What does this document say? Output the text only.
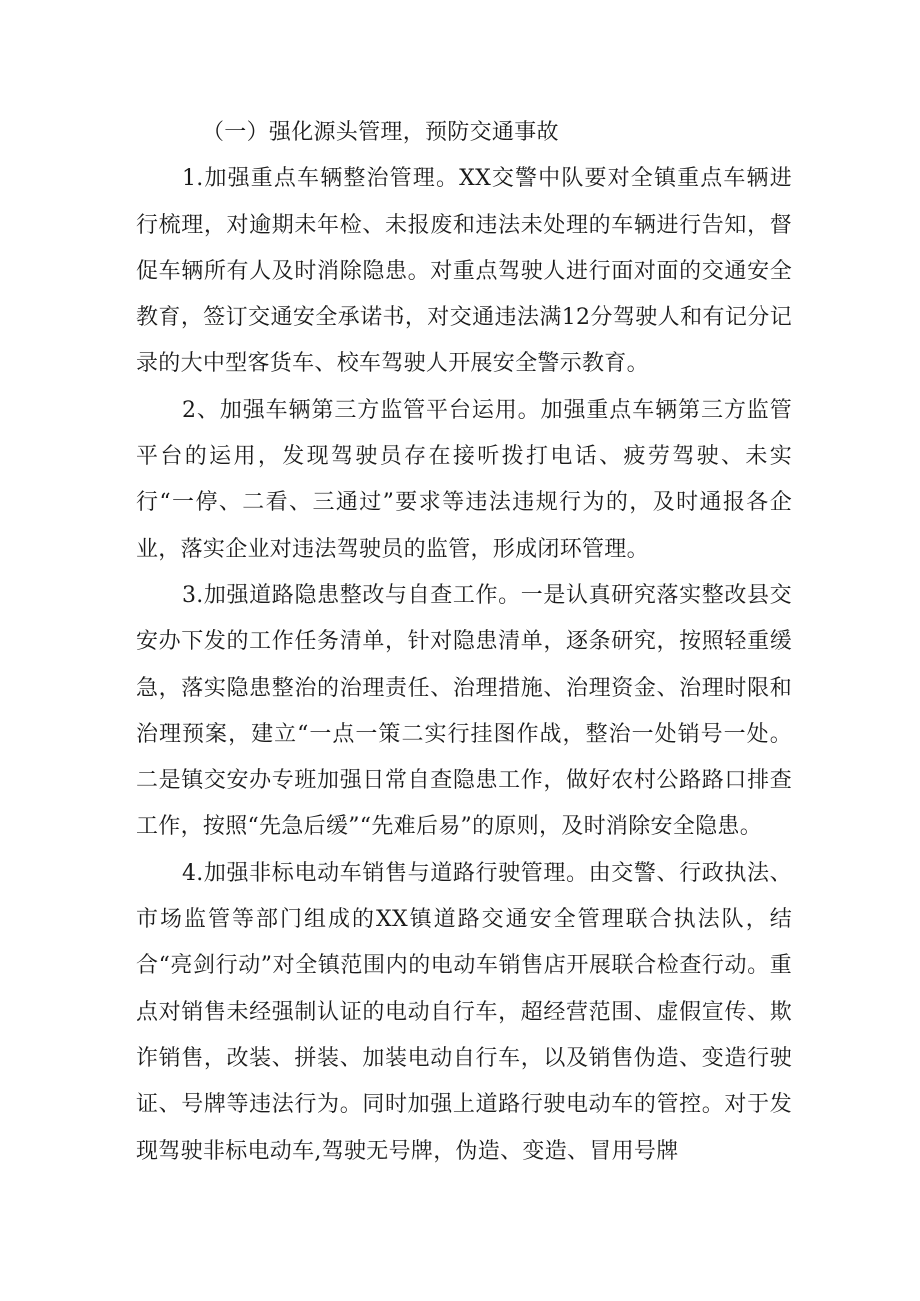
（一）强化源头管理，预防交通事故

1.加强重点车辆整治管理。XX交警中队要对全镇重点车辆进行梳理，对逾期未年检、未报废和违法未处理的车辆进行告知，督促车辆所有人及时消除隐患。对重点驾驶人进行面对面的交通安全教育，签订交通安全承诺书，对交通违法满12分驾驶人和有记分记录的大中型客货车、校车驾驶人开展安全警示教育。

2、加强车辆第三方监管平台运用。加强重点车辆第三方监管平台的运用，发现驾驶员存在接听拨打电话、疲劳驾驶、未实行“一停、二看、三通过”要求等违法违规行为的，及时通报各企业，落实企业对违法驾驶员的监管，形成闭环管理。

3.加强道路隐患整改与自查工作。一是认真研究落实整改县交安办下发的工作任务清单，针对隐患清单，逐条研究，按照轻重缓急，落实隐患整治的治理责任、治理措施、治理资金、治理时限和治理预案，建立“一点一策二实行挂图作战，整治一处销号一处。二是镇交安办专班加强日常自查隐患工作，做好农村公路路口排查工作，按照“先急后缓”“先难后易”的原则，及时消除安全隐患。

4.加强非标电动车销售与道路行驶管理。由交警、行政执法、市场监管等部门组成的XX镇道路交通安全管理联合执法队，结合“亮剑行动”对全镇范围内的电动车销售店开展联合检查行动。重点对销售未经强制认证的电动自行车，超经营范围、虚假宣传、欺诈销售，改装、拼装、加装电动自行车，以及销售伪造、变造行驶证、号牌等违法行为。同时加强上道路行驶电动车的管控。对于发现驾驶非标电动车,驾驶无号牌，伪造、变造、冒用号牌
